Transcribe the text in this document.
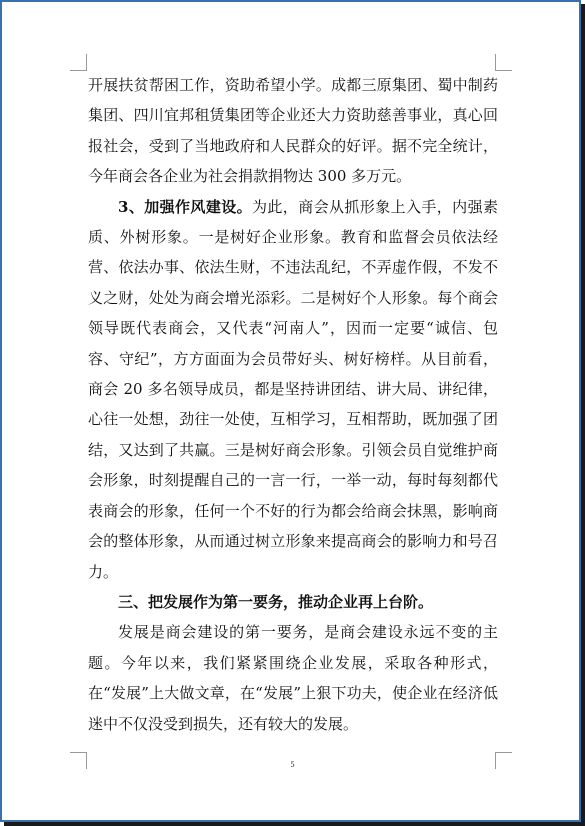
开展扶贫帮困工作，资助希望小学。成都三原集团、蜀中制药集团、四川宜邦租赁集团等企业还大力资助慈善事业，真心回报社会，受到了当地政府和人民群众的好评。据不完全统计，今年商会各企业为社会捐款捐物达 300 多万元。

3、加强作风建设。为此，商会从抓形象上入手，内强素质、外树形象。一是树好企业形象。教育和监督会员依法经营、依法办事、依法生财，不违法乱纪，不弄虚作假，不发不义之财，处处为商会增光添彩。二是树好个人形象。每个商会领导既代表商会，又代表“河南人”，因而一定要“诚信、包容、守纪”，方方面面为会员带好头、树好榜样。从目前看，商会 20 多名领导成员，都是坚持讲团结、讲大局、讲纪律，心往一处想，劲往一处使，互相学习，互相帮助，既加强了团结，又达到了共赢。三是树好商会形象。引领会员自觉维护商会形象，时刻提醒自己的一言一行，一举一动，每时每刻都代表商会的形象，任何一个不好的行为都会给商会抹黑，影响商会的整体形象，从而通过树立形象来提高商会的影响力和号召力。

三、把发展作为第一要务，推动企业再上台阶。

发展是商会建设的第一要务，是商会建设永远不变的主题。今年以来，我们紧紧围绕企业发展，采取各种形式，在“发展”上大做文章，在“发展”上狠下功夫，使企业在经济低迷中不仅没受到损失，还有较大的发展。

5
